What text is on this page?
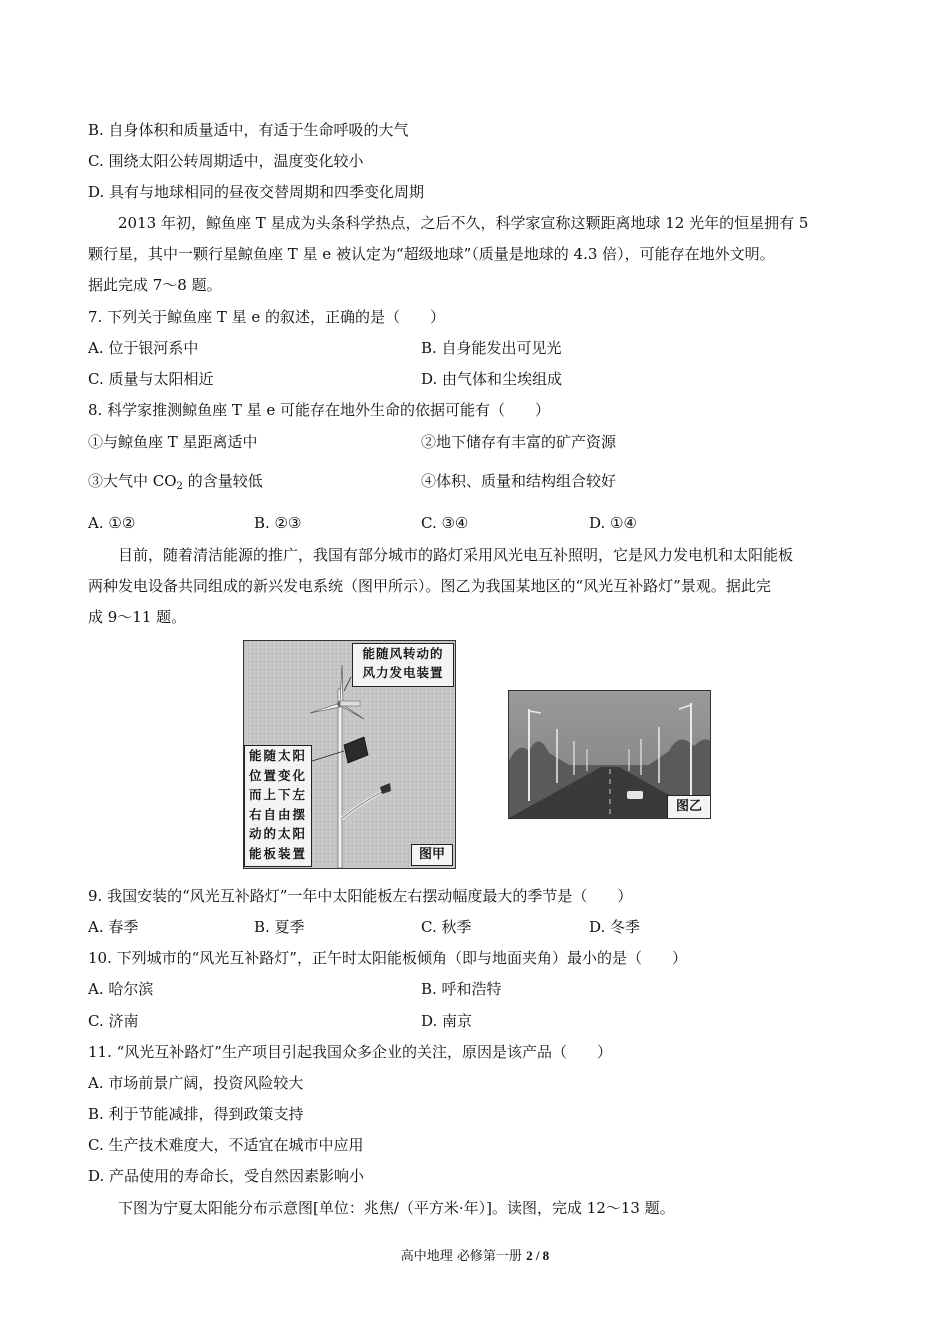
B. 自身体积和质量适中，有适于生命呼吸的大气
C. 围绕太阳公转周期适中，温度变化较小
D. 具有与地球相同的昼夜交替周期和四季变化周期
2013 年初，鲸鱼座 T 星成为头条科学热点，之后不久，科学家宣称这颗距离地球 12 光年的恒星拥有 5
颗行星，其中一颗行星鲸鱼座 T 星 e 被认定为“超级地球”（质量是地球的 4.3 倍），可能存在地外文明。
据此完成 7～8 题。
7. 下列关于鲸鱼座 T 星 e 的叙述，正确的是（　　）
A. 位于银河系中	B. 自身能发出可见光
C. 质量与太阳相近	D. 由气体和尘埃组成
8. 科学家推测鲸鱼座 T 星 e 可能存在地外生命的依据可能有（　　）
①与鲸鱼座 T 星距离适中	②地下储存有丰富的矿产资源
③大气中 $CO_2$ 的含量较低	④体积、质量和结构组合较好
A. ①②	B. ②③	C. ③④	D. ①④
目前，随着清洁能源的推广，我国有部分城市的路灯采用风光电互补照明，它是风力发电机和太阳能板
两种发电设备共同组成的新兴发电系统（图甲所示）。图乙为我国某地区的“风光互补路灯”景观。据此完
成 9～11 题。
能随风转动的
风力发电装置
能随太阳
位置变化
而上下左
右自由摆
动的太阳
能板装置	图甲
图乙
9. 我国安装的“风光互补路灯”一年中太阳能板左右摆动幅度最大的季节是（　　）
A. 春季	B. 夏季	C. 秋季	D. 冬季
10. 下列城市的“风光互补路灯”，正午时太阳能板倾角（即与地面夹角）最小的是（　　）
A. 哈尔滨	B. 呼和浩特
C. 济南	D. 南京
11. “风光互补路灯”生产项目引起我国众多企业的关注，原因是该产品（　　）
A. 市场前景广阔，投资风险较大
B. 利于节能减排，得到政策支持
C. 生产技术难度大，不适宜在城市中应用
D. 产品使用的寿命长，受自然因素影响小
下图为宁夏太阳能分布示意图[单位：兆焦/（平方米·年）]。读图，完成 12～13 题。
高中地理 必修第一册 2 / 8
